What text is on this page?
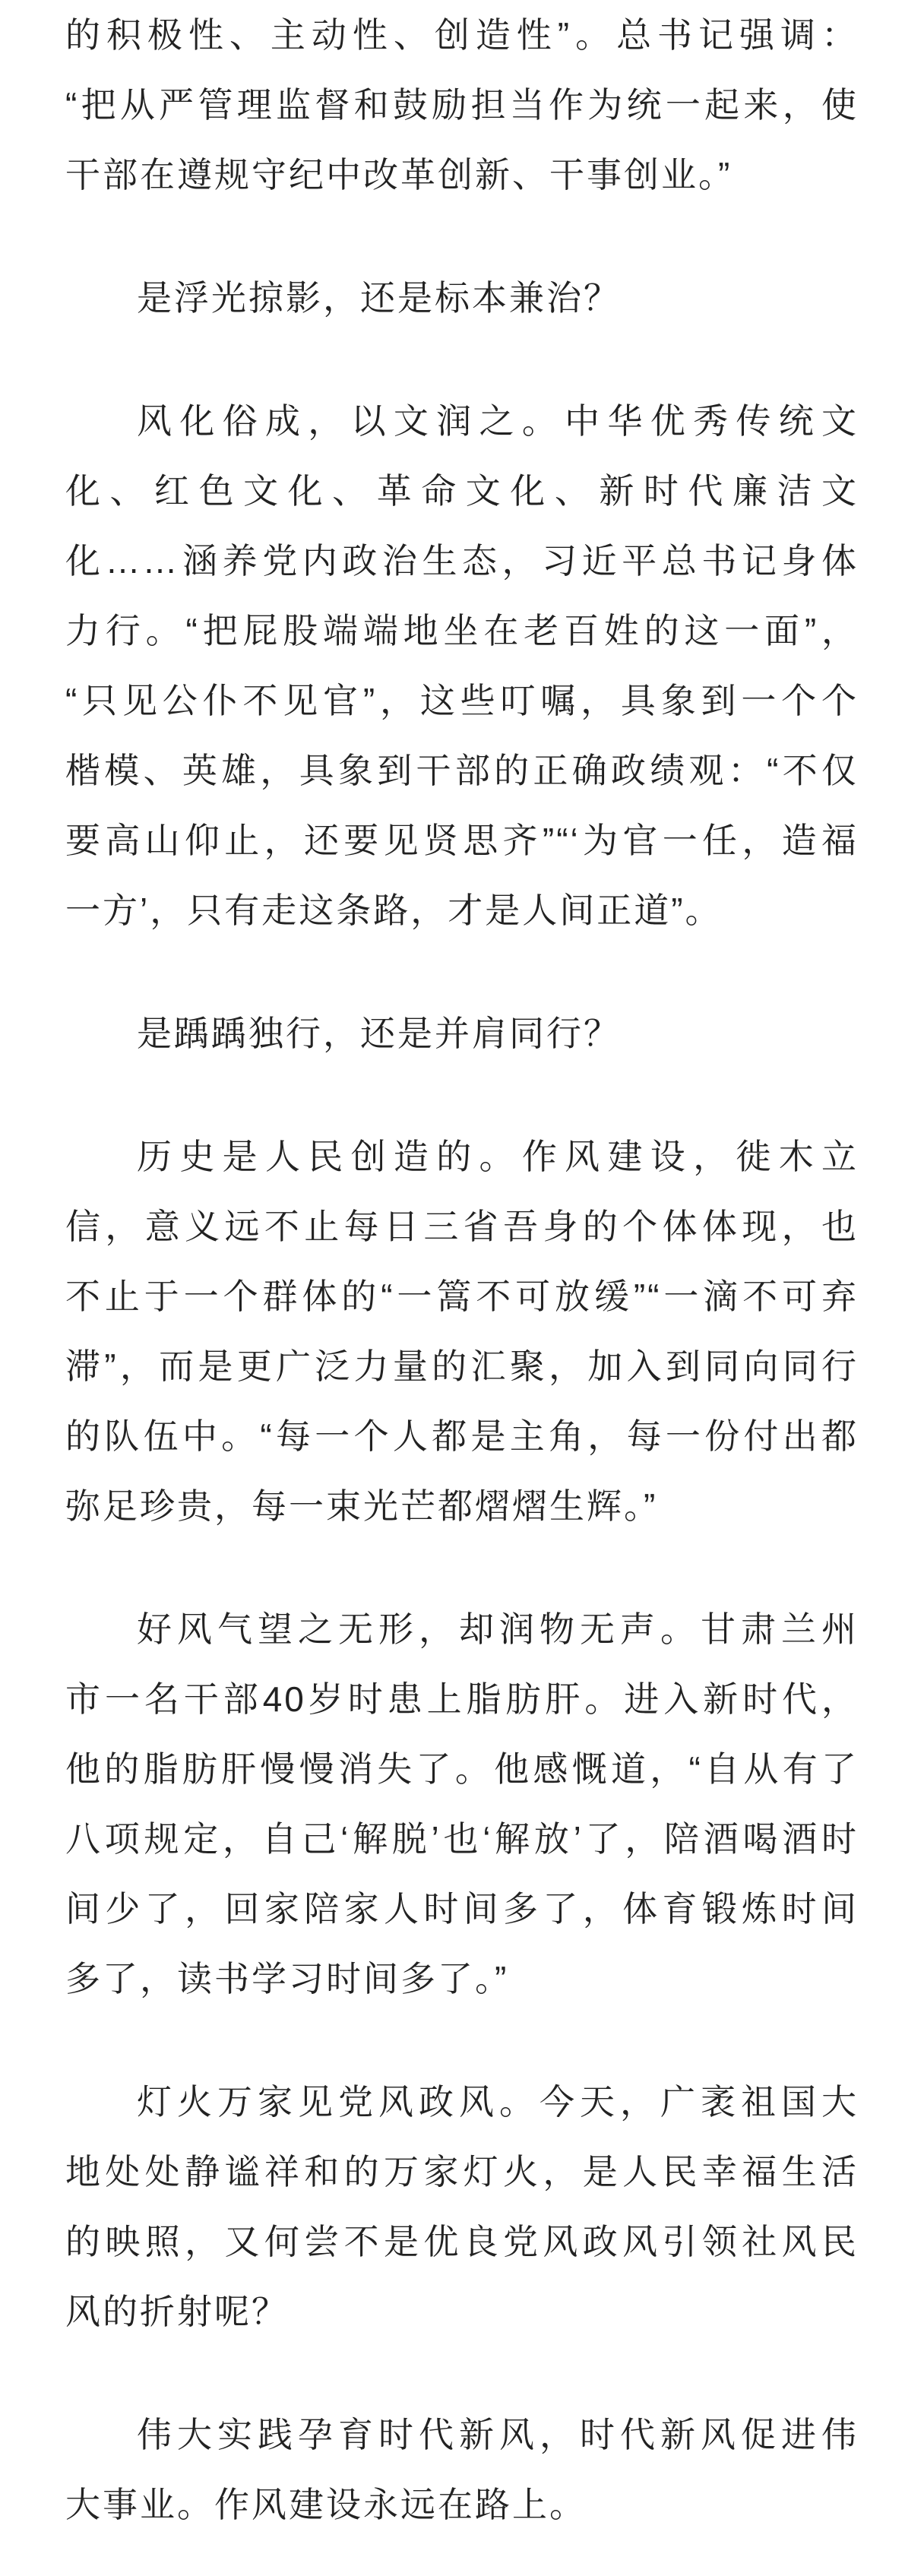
的积极性、主动性、创造性”。总书记强调：
“把从严管理监督和鼓励担当作为统一起来，使
干部在遵规守纪中改革创新、干事创业。”

是浮光掠影，还是标本兼治？

风化俗成，以文润之。中华优秀传统文
化、红色文化、革命文化、新时代廉洁文
化……涵养党内政治生态，习近平总书记身体
力行。“把屁股端端地坐在老百姓的这一面”，
“只见公仆不见官”，这些叮嘱，具象到一个个
楷模、英雄，具象到干部的正确政绩观：“不仅
要高山仰止，还要见贤思齐”“‘为官一任，造福
一方’，只有走这条路，才是人间正道”。

是踽踽独行，还是并肩同行？

历史是人民创造的。作风建设，徙木立
信，意义远不止每日三省吾身的个体体现，也
不止于一个群体的“一篙不可放缓”“一滴不可弃
滞”，而是更广泛力量的汇聚，加入到同向同行
的队伍中。“每一个人都是主角，每一份付出都
弥足珍贵，每一束光芒都熠熠生辉。”

好风气望之无形，却润物无声。甘肃兰州
市一名干部40岁时患上脂肪肝。进入新时代，
他的脂肪肝慢慢消失了。他感慨道，“自从有了
八项规定，自己‘解脱’也‘解放’了，陪酒喝酒时
间少了，回家陪家人时间多了，体育锻炼时间
多了，读书学习时间多了。”

灯火万家见党风政风。今天，广袤祖国大
地处处静谧祥和的万家灯火，是人民幸福生活
的映照，又何尝不是优良党风政风引领社风民
风的折射呢？

伟大实践孕育时代新风，时代新风促进伟
大事业。作风建设永远在路上。
